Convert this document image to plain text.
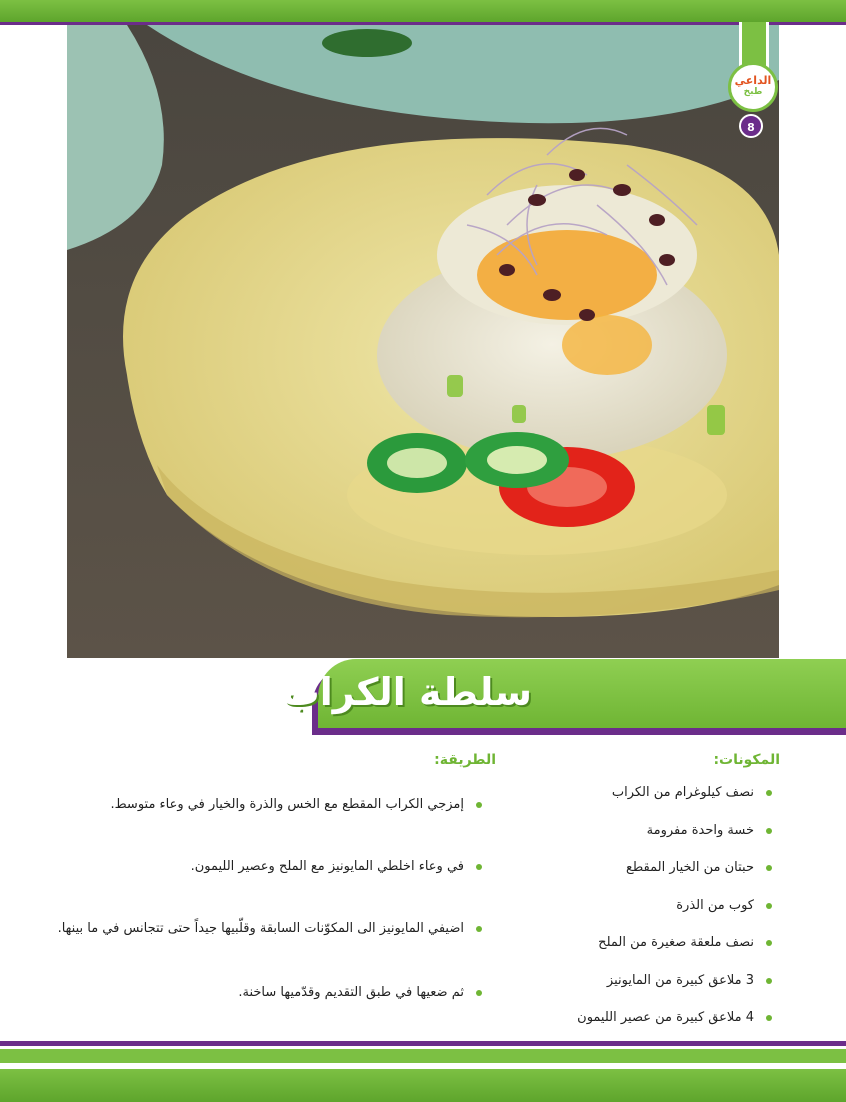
الداعي
طبخ
8
سلطة الكراب
المكونات:
نصف كيلوغرام من الكراب
خسة واحدة مفرومة
حبتان من الخيار المقطع
كوب من الذرة
نصف ملعقة صغيرة من الملح
3 ملاعق كبيرة من المايونيز
4 ملاعق كبيرة من عصير الليمون
الطريقة:
إمزجي الكراب المقطع مع الخس والذرة والخيار في وعاء متوسط.
في وعاء اخلطي المايونيز مع الملح وعصير الليمون.
اضيفي المايونيز الى المكوّنات السابقة وقلّبيها جيداً حتى تتجانس في ما بينها.
ثم ضعيها في طبق التقديم وقدّميها ساخنة.
